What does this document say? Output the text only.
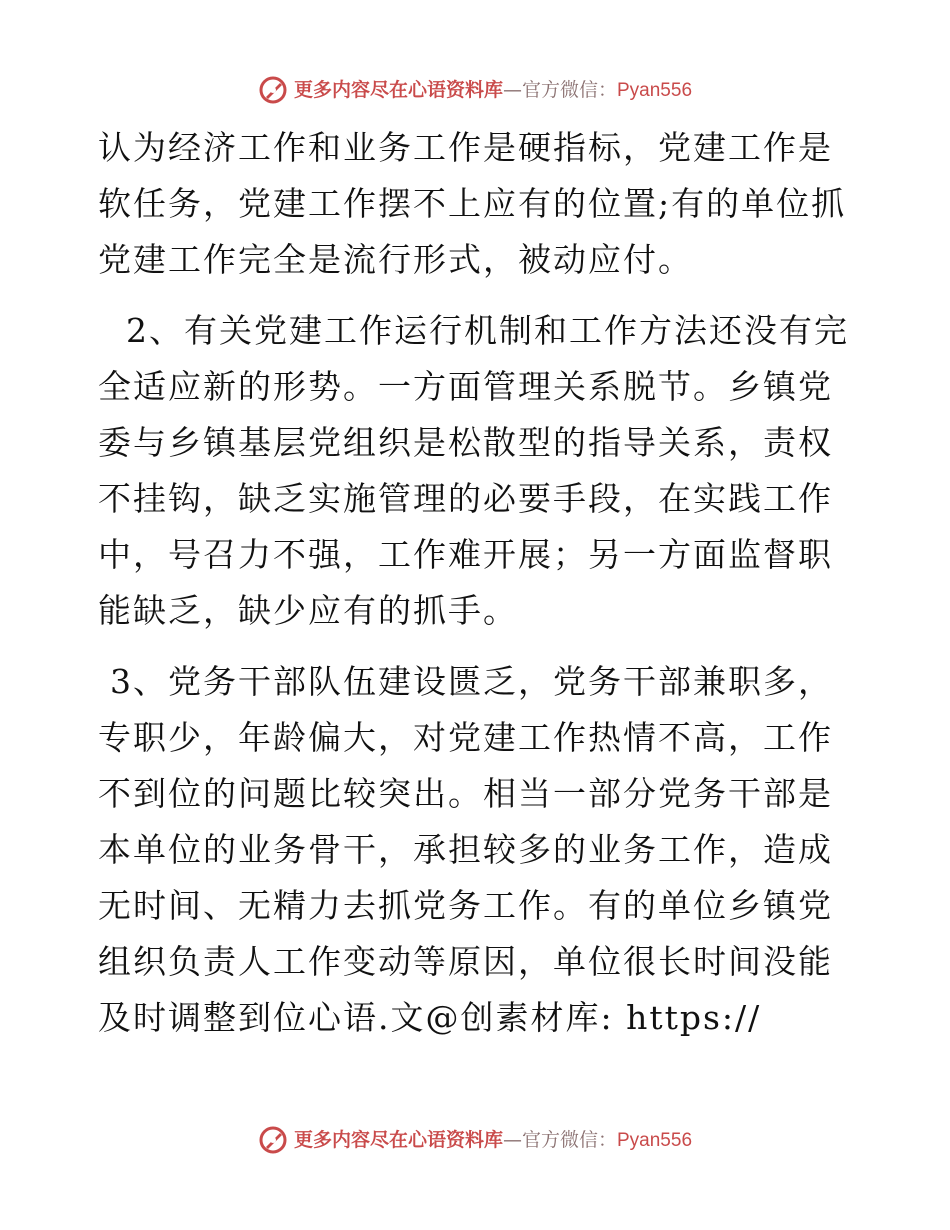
更多内容尽在心语资料库—官方微信：Pyan556

认为经济工作和业务工作是硬指标，党建工作是软任务，党建工作摆不上应有的位置;有的单位抓党建工作完全是流行形式，被动应付。

2、有关党建工作运行机制和工作方法还没有完全适应新的形势。一方面管理关系脱节。乡镇党委与乡镇基层党组织是松散型的指导关系，责权不挂钩，缺乏实施管理的必要手段，在实践工作中，号召力不强，工作难开展；另一方面监督职能缺乏，缺少应有的抓手。

3、党务干部队伍建设匮乏，党务干部兼职多，专职少，年龄偏大，对党建工作热情不高，工作不到位的问题比较突出。相当一部分党务干部是本单位的业务骨干，承担较多的业务工作，造成无时间、无精力去抓党务工作。有的单位乡镇党组织负责人工作变动等原因，单位很长时间没能及时调整到位心语.文@创素材库: https://

更多内容尽在心语资料库—官方微信：Pyan556
